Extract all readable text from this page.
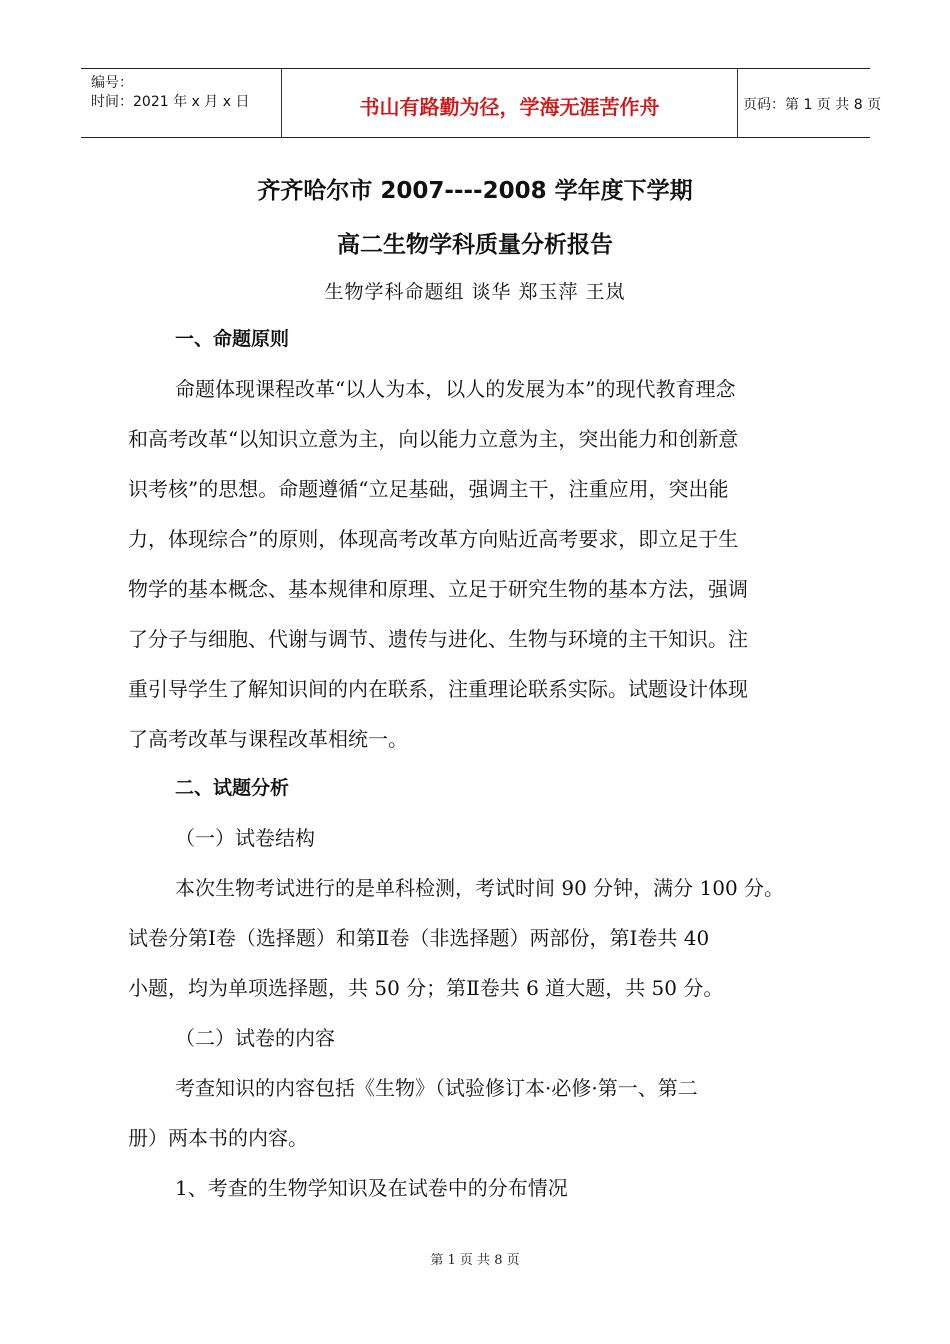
编号：
时间：2021 年 x 月 x 日	书山有路勤为径，学海无涯苦作舟	页码：第 1 页 共 8 页
齐齐哈尔市 2007----2008 学年度下学期
高二生物学科质量分析报告
生物学科命题组 谈华 郑玉萍 王岚
一、命题原则
命题体现课程改革“以人为本，以人的发展为本”的现代教育理念
和高考改革“以知识立意为主，向以能力立意为主，突出能力和创新意
识考核”的思想。命题遵循“立足基础，强调主干，注重应用，突出能
力，体现综合”的原则，体现高考改革方向贴近高考要求，即立足于生
物学的基本概念、基本规律和原理、立足于研究生物的基本方法，强调
了分子与细胞、代谢与调节、遗传与进化、生物与环境的主干知识。注
重引导学生了解知识间的内在联系，注重理论联系实际。试题设计体现
了高考改革与课程改革相统一。
二、试题分析
（一）试卷结构
本次生物考试进行的是单科检测，考试时间 90 分钟，满分 100 分。
试卷分第Ⅰ卷（选择题）和第Ⅱ卷（非选择题）两部份，第Ⅰ卷共 40
小题，均为单项选择题，共 50 分；第Ⅱ卷共 6 道大题，共 50 分。
（二）试卷的内容
考查知识的内容包括《生物》（试验修订本·必修·第一、第二
册）两本书的内容。
1、考查的生物学知识及在试卷中的分布情况
第 1 页 共 8 页
